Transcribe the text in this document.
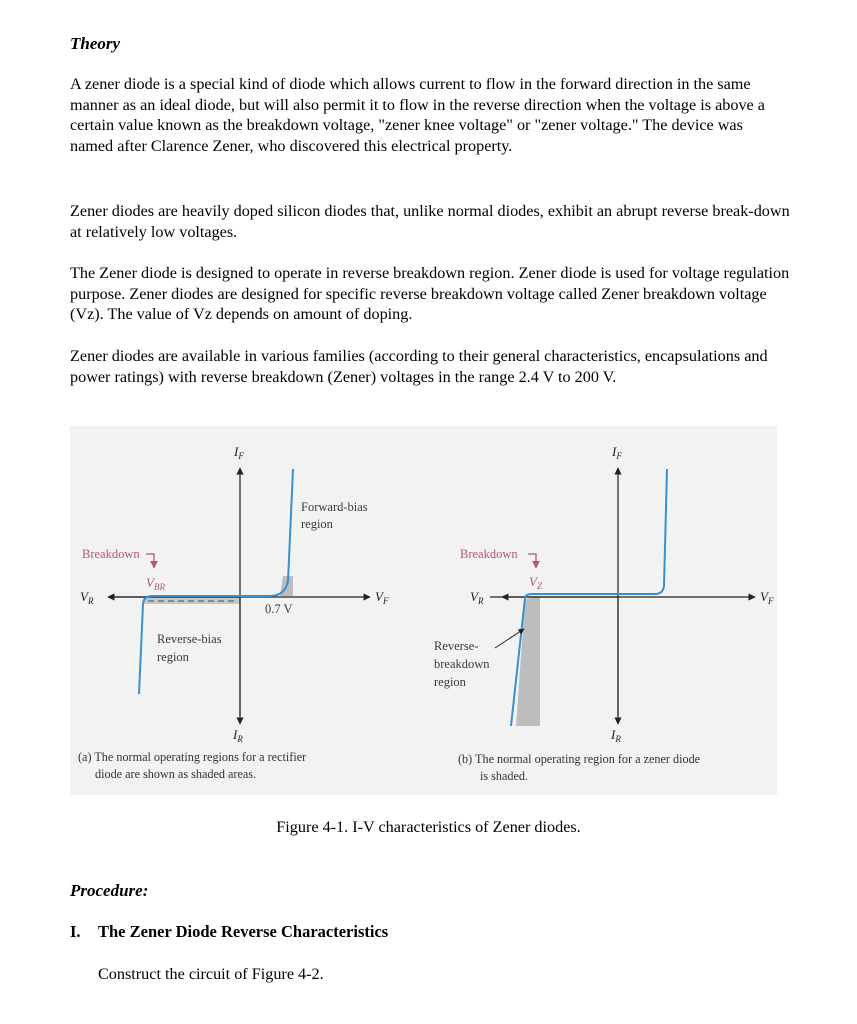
Theory

A zener diode is a special kind of diode which allows current to flow in the forward direction in the same manner as an ideal diode, but will also permit it to flow in the reverse direction when the voltage is above a certain value known as the breakdown voltage, "zener knee voltage" or "zener voltage." The device was named after Clarence Zener, who discovered this electrical property.

Zener diodes are heavily doped silicon diodes that, unlike normal diodes, exhibit an abrupt reverse break-down at relatively low voltages.

The Zener diode is designed to operate in reverse breakdown region. Zener diode is used for voltage regulation purpose. Zener diodes are designed for specific reverse breakdown voltage called Zener breakdown voltage (Vz). The value of Vz depends on amount of doping.

Zener diodes are available in various families (according to their general characteristics, encapsulations and power ratings) with reverse breakdown (Zener) voltages in the range 2.4 V to 200 V.

$I_F$
$I_R$
$V_R$	$V_F$
$V_{BR}$
Breakdown
Forward-bias
region
Reverse-bias
region
0.7 V
(a) The normal operating regions for a rectifier
diode are shown as shaded areas.
$I_F$
$I_R$
$V_R$	$V_F$
$V_Z$
Breakdown
Reverse-
breakdown
region
(b) The normal operating region for a zener diode
is shaded.
Figure 4-1. I-V characteristics of Zener diodes.
Procedure:
I. The Zener Diode Reverse Characteristics
Construct the circuit of Figure 4-2.
